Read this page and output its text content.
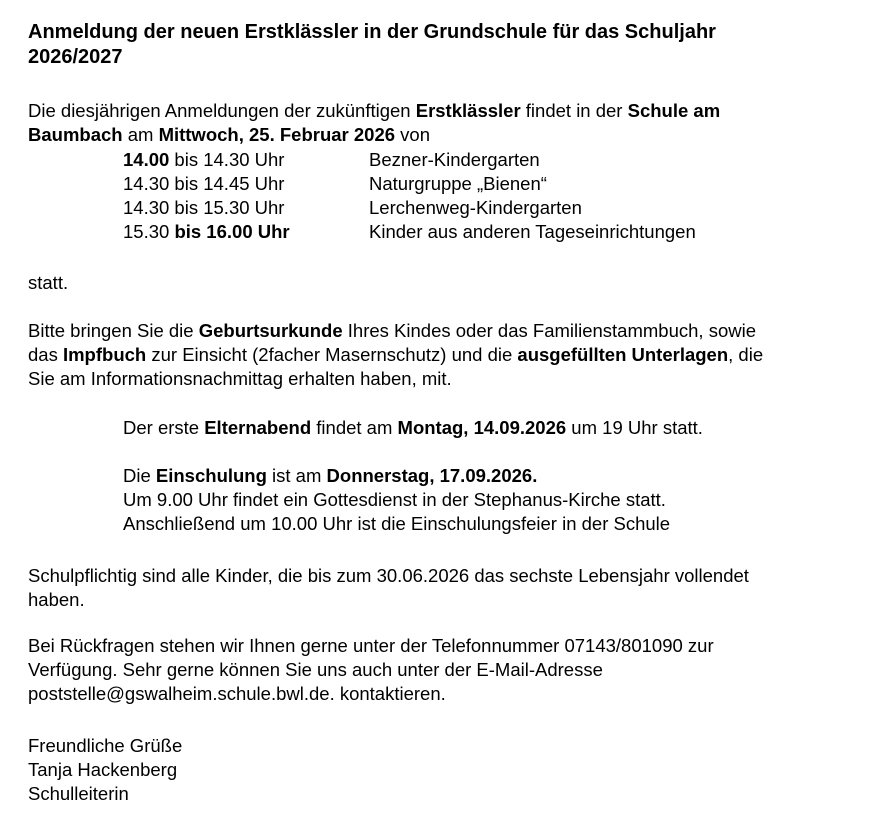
Anmeldung der neuen Erstklässler in der Grundschule für das Schuljahr
2026/2027
Die diesjährigen Anmeldungen der zukünftigen Erstklässler findet in der Schule am
Baumbach am Mittwoch, 25. Februar 2026 von
14.00 bis 14.30 Uhr	Bezner-Kindergarten
14.30 bis 14.45 Uhr	Naturgruppe „Bienen“
14.30 bis 15.30 Uhr	Lerchenweg-Kindergarten
15.30 bis 16.00 Uhr	Kinder aus anderen Tageseinrichtungen
statt.
Bitte bringen Sie die Geburtsurkunde Ihres Kindes oder das Familienstammbuch, sowie
das Impfbuch zur Einsicht (2facher Masernschutz) und die ausgefüllten Unterlagen, die
Sie am Informationsnachmittag erhalten haben, mit.
Der erste Elternabend findet am Montag, 14.09.2026 um 19 Uhr statt.
Die Einschulung ist am Donnerstag, 17.09.2026.
Um 9.00 Uhr findet ein Gottesdienst in der Stephanus-Kirche statt.
Anschließend um 10.00 Uhr ist die Einschulungsfeier in der Schule
Schulpflichtig sind alle Kinder, die bis zum 30.06.2026 das sechste Lebensjahr vollendet
haben.
Bei Rückfragen stehen wir Ihnen gerne unter der Telefonnummer 07143/801090 zur
Verfügung. Sehr gerne können Sie uns auch unter der E-Mail-Adresse
poststelle@gswalheim.schule.bwl.de. kontaktieren.
Freundliche Grüße
Tanja Hackenberg
Schulleiterin
